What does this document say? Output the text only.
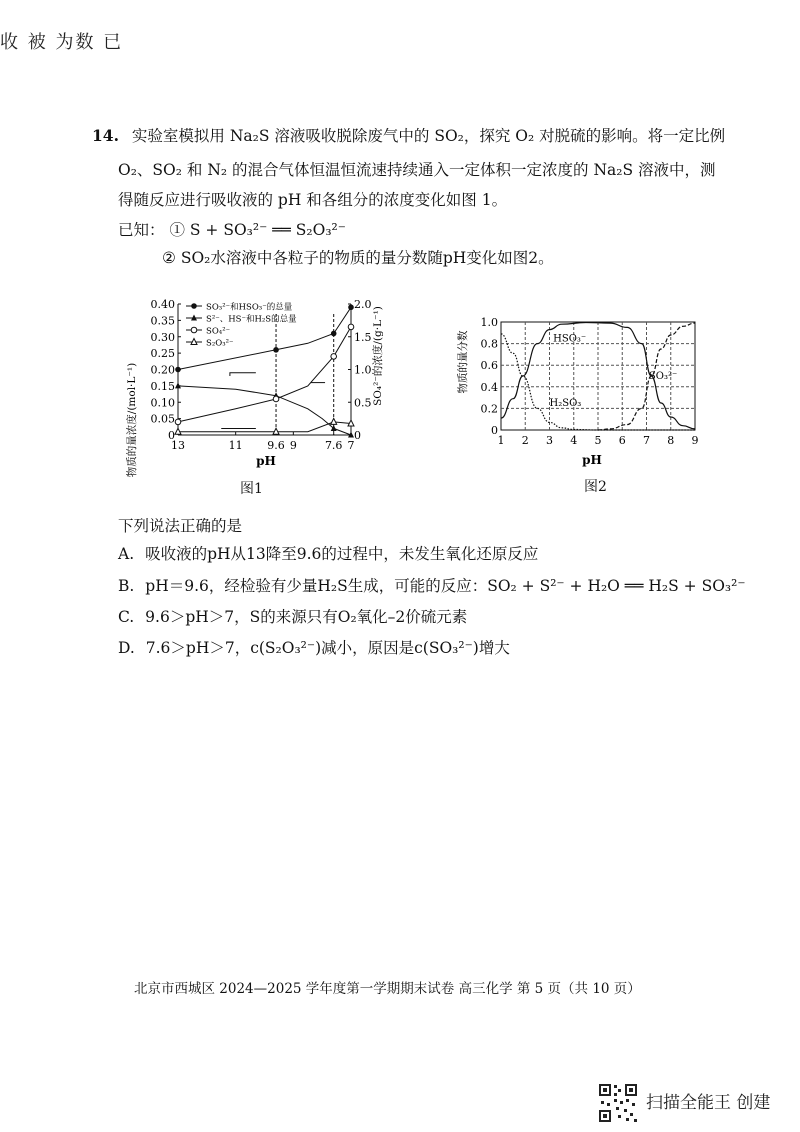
收 被 为数 已
14. 实验室模拟用 Na₂S 溶液吸收脱除废气中的 SO₂，探究 O₂ 对脱硫的影响。将一定比例
O₂、SO₂ 和 N₂ 的混合气体恒温恒流速持续通入一定体积一定浓度的 Na₂S 溶液中，测
得随反应进行吸收液的 pH 和各组分的浓度变化如图 1。
已知： ① S + SO₃²⁻ ══ S₂O₃²⁻
② SO₂水溶液中各粒子的物质的量分数随pH变化如图2。
物质的量浓度/(mol·L⁻¹)
SO₄²⁻的浓度/(g·L⁻¹)
pH
0
0.05
0.10
0.15
0.20
0.25
0.30
0.35
0.40
0
0.5
1.0
1.5
2.0
13	11 9.6 9	7.6 7
SO₃²⁻和HSO₃⁻的总量
S²⁻、HS⁻和H₂S的总量
SO₄²⁻
S₂O₃²⁻
图1
物质的量分数
pH
1 2 3 4 5 6 7 8 9
0
0.2
0.4
0.6
0.8
1.0
HSO₃⁻
H₂SO₃
SO₃²⁻
图2
下列说法正确的是
A. 吸收液的pH从13降至9.6的过程中，未发生氧化还原反应
B. pH＝9.6，经检验有少量H₂S生成，可能的反应：SO₂ + S²⁻ + H₂O ══ H₂S + SO₃²⁻
C. 9.6＞pH＞7，S的来源只有O₂氧化–2价硫元素
D. 7.6＞pH＞7，c(S₂O₃²⁻)减小，原因是c(SO₃²⁻)增大
北京市西城区 2024—2025 学年度第一学期期末试卷 高三化学 第 5 页（共 10 页）
扫描全能王 创建
